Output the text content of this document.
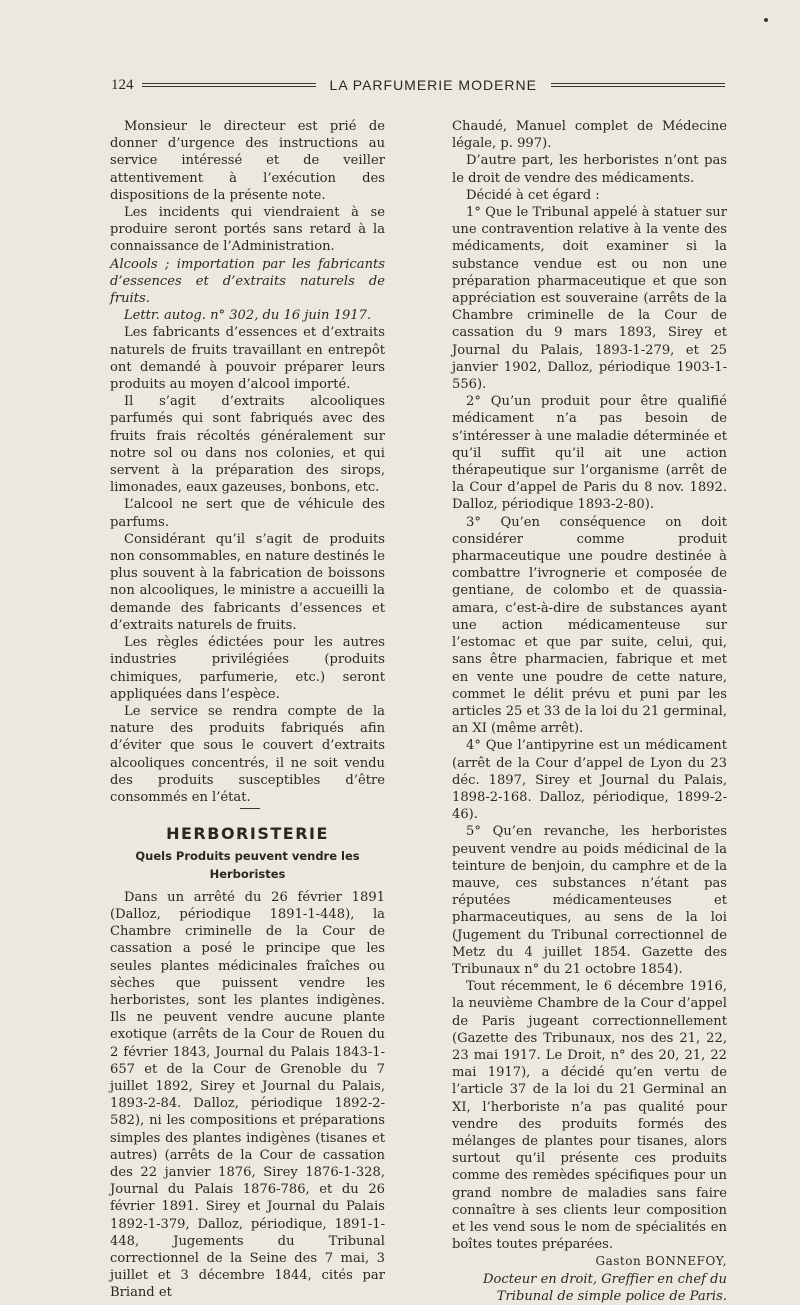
124	LA PARFUMERIE MODERNE

Monsieur le directeur est prié de donner d’urgence des instructions au service intéressé et de veiller attentivement à l’exécution des dispositions de la présente note.

Les incidents qui viendraient à se produire seront portés sans retard à la connaissance de l’Administration.

Alcools ; importation par les fabricants d’essences et d’extraits naturels de fruits.

Lettr. autog. n° 302, du 16 juin 1917.

Les fabricants d’essences et d’extraits naturels de fruits travaillant en entrepôt ont demandé à pouvoir préparer leurs produits au moyen d’alcool importé.

Il s’agit d’extraits alcooliques parfumés qui sont fabriqués avec des fruits frais récoltés généralement sur notre sol ou dans nos colonies, et qui servent à la préparation des sirops, limonades, eaux gazeuses, bonbons, etc.

L’alcool ne sert que de véhicule des parfums.

Considérant qu’il s’agit de produits non consommables, en nature destinés le plus souvent à la fabrication de boissons non alcooliques, le ministre a accueilli la demande des fabricants d’essences et d’extraits naturels de fruits.

Les règles édictées pour les autres industries privilégiées (produits chimiques, parfumerie, etc.) seront appliquées dans l’espèce.

Le service se rendra compte de la nature des produits fabriqués afin d’éviter que sous le couvert d’extraits alcooliques concentrés, il ne soit vendu des produits susceptibles d’être consommés en l’état.

HERBORISTERIE
Quels Produits peuvent vendre les Herboristes

Dans un arrêté du 26 février 1891 (Dalloz, périodique 1891-1-448), la Chambre criminelle de la Cour de cassation a posé le principe que les seules plantes médicinales fraîches ou sèches que puissent vendre les herboristes, sont les plantes indigènes. Ils ne peuvent vendre aucune plante exotique (arrêts de la Cour de Rouen du 2 février 1843, Journal du Palais 1843-1-657 et de la Cour de Grenoble du 7 juillet 1892, Sirey et Journal du Palais, 1893-2-84. Dalloz, périodique 1892-2-582), ni les compositions et préparations simples des plantes indigènes (tisanes et autres) (arrêts de la Cour de cassation des 22 janvier 1876, Sirey 1876-1-328, Journal du Palais 1876-786, et du 26 février 1891. Sirey et Journal du Palais 1892-1-379, Dalloz, périodique, 1891-1-448, Jugements du Tribunal correctionnel de la Seine des 7 mai, 3 juillet et 3 décembre 1844, cités par Briand et

Chaudé, Manuel complet de Médecine légale, p. 997).

D’autre part, les herboristes n’ont pas le droit de vendre des médicaments.

Décidé à cet égard :

1° Que le Tribunal appelé à statuer sur une contravention relative à la vente des médicaments, doit examiner si la substance vendue est ou non une préparation pharmaceutique et que son appréciation est souveraine (arrêts de la Chambre criminelle de la Cour de cassation du 9 mars 1893, Sirey et Journal du Palais, 1893-1-279, et 25 janvier 1902, Dalloz, périodique 1903-1-556).

2° Qu’un produit pour être qualifié médicament n’a pas besoin de s’intéresser à une maladie déterminée et qu’il suffit qu’il ait une action thérapeutique sur l’organisme (arrêt de la Cour d’appel de Paris du 8 nov. 1892. Dalloz, périodique 1893-2-80).

3° Qu’en conséquence on doit considérer comme produit pharmaceutique une poudre destinée à combattre l’ivrognerie et composée de gentiane, de colombo et de quassia-amara, c’est-à-dire de substances ayant une action médicamenteuse sur l’estomac et que par suite, celui, qui, sans être pharmacien, fabrique et met en vente une poudre de cette nature, commet le délit prévu et puni par les articles 25 et 33 de la loi du 21 germinal, an XI (même arrêt).

4° Que l’antipyrine est un médicament (arrêt de la Cour d’appel de Lyon du 23 déc. 1897, Sirey et Journal du Palais, 1898-2-168. Dalloz, périodique, 1899-2-46).

5° Qu’en revanche, les herboristes peuvent vendre au poids médicinal de la teinture de benjoin, du camphre et de la mauve, ces substances n’étant pas réputées médicamenteuses et pharmaceutiques, au sens de la loi (Jugement du Tribunal correctionnel de Metz du 4 juillet 1854. Gazette des Tribunaux n° du 21 octobre 1854).

Tout récemment, le 6 décembre 1916, la neuvième Chambre de la Cour d’appel de Paris jugeant correctionnellement (Gazette des Tribunaux, nos des 21, 22, 23 mai 1917. Le Droit, n° des 20, 21, 22 mai 1917), a décidé qu’en vertu de l’article 37 de la loi du 21 Germinal an XI, l’herboriste n’a pas qualité pour vendre des produits formés des mélanges de plantes pour tisanes, alors surtout qu’il présente ces produits comme des remèdes spécifiques pour un grand nombre de maladies sans faire connaître à ses clients leur composition et les vend sous le nom de spécialités en boîtes toutes préparées.

Gaston BONNEFOY,

Docteur en droit, Greffier en chef du

Tribunal de simple police de Paris.
